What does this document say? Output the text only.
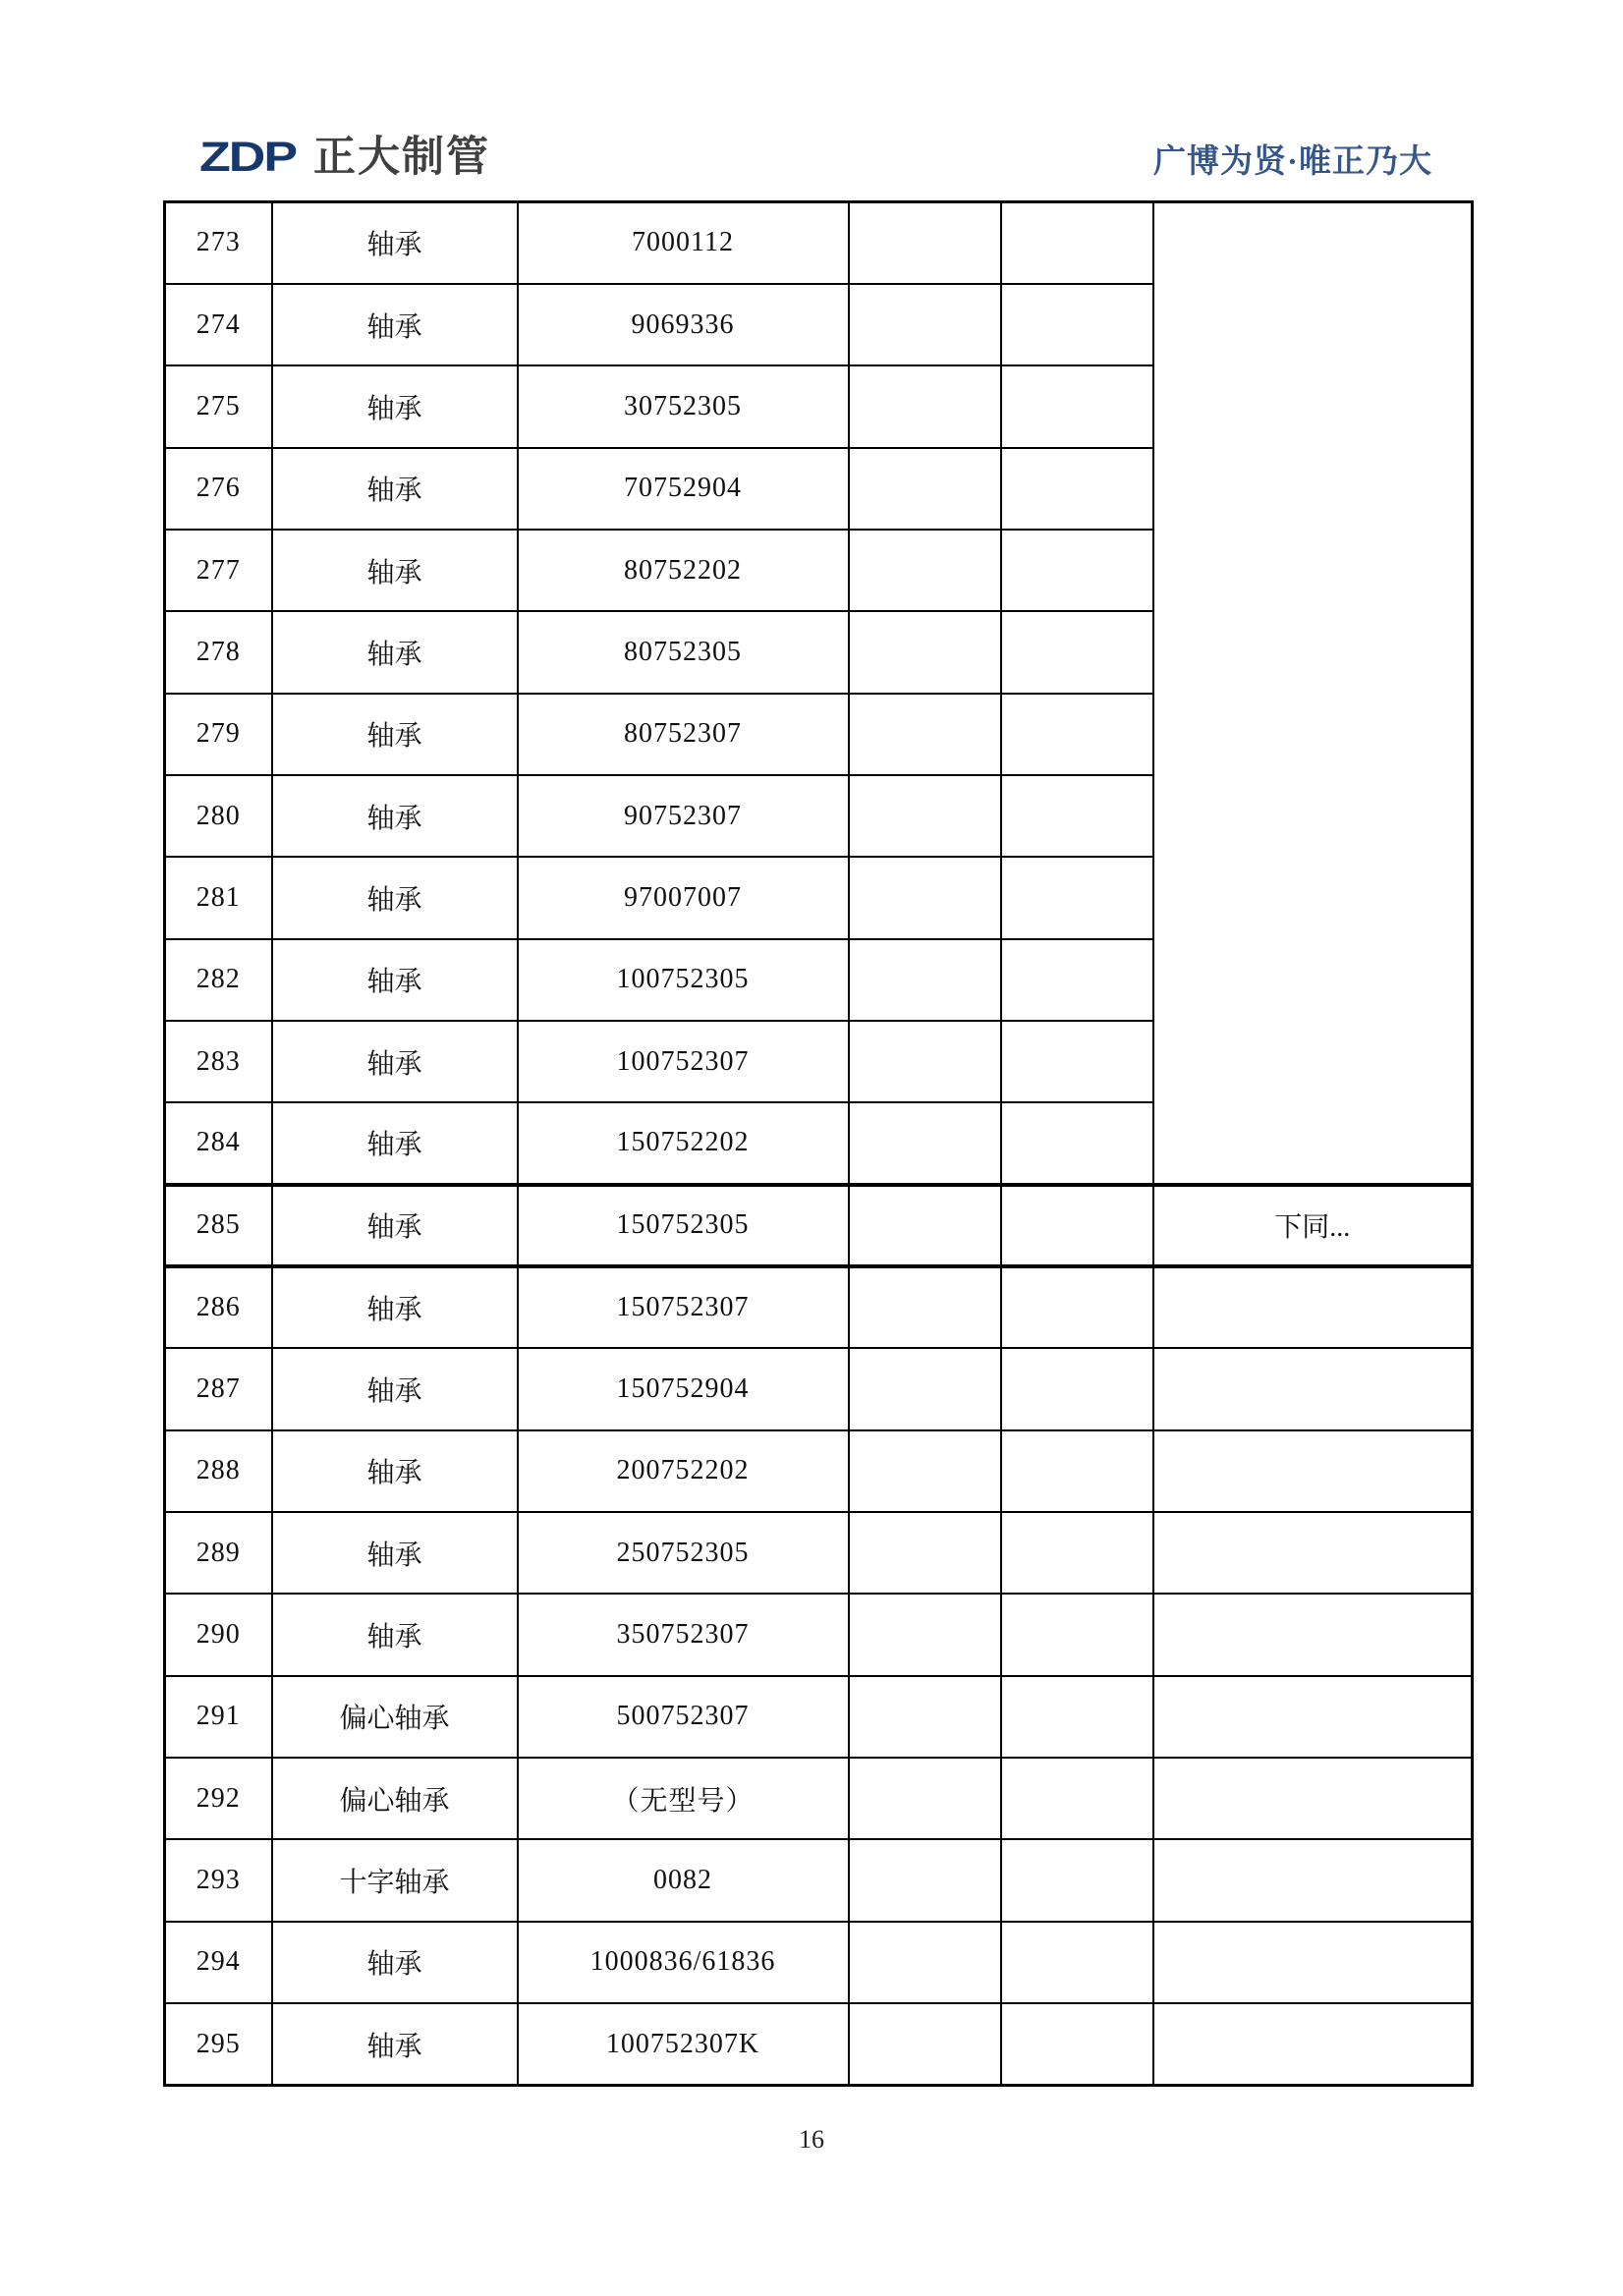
ZDP 正大制管	广博为贤·唯正乃大
273	轴承	7000112			
274	轴承	9069336			
275	轴承	30752305			
276	轴承	70752904			
277	轴承	80752202			
278	轴承	80752305			
279	轴承	80752307			
280	轴承	90752307			
281	轴承	97007007			
282	轴承	100752305			
283	轴承	100752307			
284	轴承	150752202			
285	轴承	150752305			下同...
286	轴承	150752307			
287	轴承	150752904			
288	轴承	200752202			
289	轴承	250752305			
290	轴承	350752307			
291	偏心轴承	500752307			
292	偏心轴承	（无型号）			
293	十字轴承	0082			
294	轴承	1000836/61836			
295	轴承	100752307K			
16
